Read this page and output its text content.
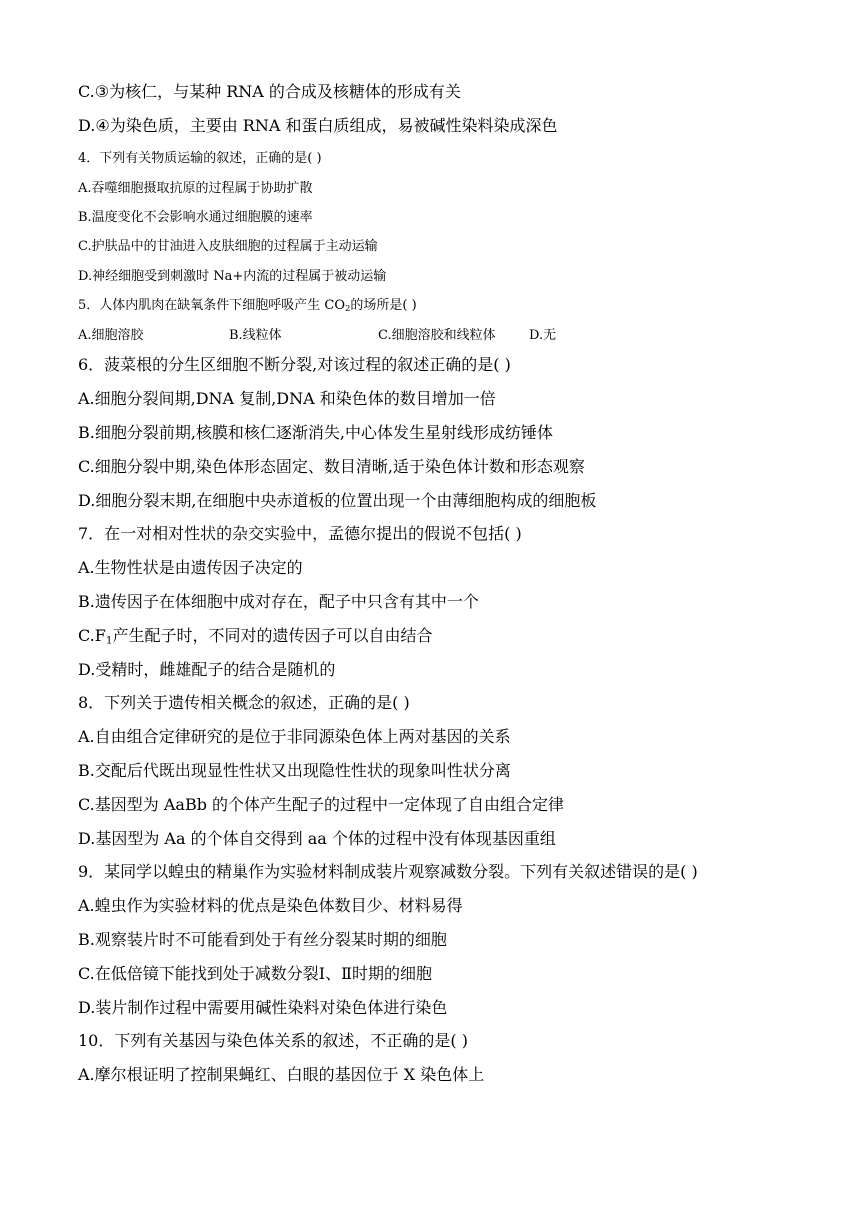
C.③为核仁，与某种 RNA 的合成及核糖体的形成有关
D.④为染色质，主要由 RNA 和蛋白质组成，易被碱性染料染成深色
4．下列有关物质运输的叙述，正确的是( )
A.吞噬细胞摄取抗原的过程属于协助扩散
B.温度变化不会影响水通过细胞膜的速率
C.护肤品中的甘油进入皮肤细胞的过程属于主动运输
D.神经细胞受到刺激时 Na+内流的过程属于被动运输
5．人体内肌肉在缺氧条件下细胞呼吸产生 $CO_2$的场所是( )
A.细胞溶胶	B.线粒体	C.细胞溶胶和线粒体	D.无
6．菠菜根的分生区细胞不断分裂,对该过程的叙述正确的是( )
A.细胞分裂间期,DNA 复制,DNA 和染色体的数目增加一倍
B.细胞分裂前期,核膜和核仁逐渐消失,中心体发生星射线形成纺锤体
C.细胞分裂中期,染色体形态固定、数目清晰,适于染色体计数和形态观察
D.细胞分裂末期,在细胞中央赤道板的位置出现一个由薄细胞构成的细胞板
7．在一对相对性状的杂交实验中，孟德尔提出的假说不包括( )
A.生物性状是由遗传因子决定的
B.遗传因子在体细胞中成对存在，配子中只含有其中一个
$C.F_1$产生配子时，不同对的遗传因子可以自由结合
D.受精时，雌雄配子的结合是随机的
8．下列关于遗传相关概念的叙述，正确的是( )
A.自由组合定律研究的是位于非同源染色体上两对基因的关系
B.交配后代既出现显性性状又出现隐性性状的现象叫性状分离
C.基因型为 AaBb 的个体产生配子的过程中一定体现了自由组合定律
D.基因型为 Aa 的个体自交得到 aa 个体的过程中没有体现基因重组
9．某同学以蝗虫的精巢作为实验材料制成装片观察减数分裂。下列有关叙述错误的是( )
A.蝗虫作为实验材料的优点是染色体数目少、材料易得
B.观察装片时不可能看到处于有丝分裂某时期的细胞
C.在低倍镜下能找到处于减数分裂Ⅰ、Ⅱ时期的细胞
D.装片制作过程中需要用碱性染料对染色体进行染色
10．下列有关基因与染色体关系的叙述，不正确的是( )
A.摩尔根证明了控制果蝇红、白眼的基因位于 X 染色体上
